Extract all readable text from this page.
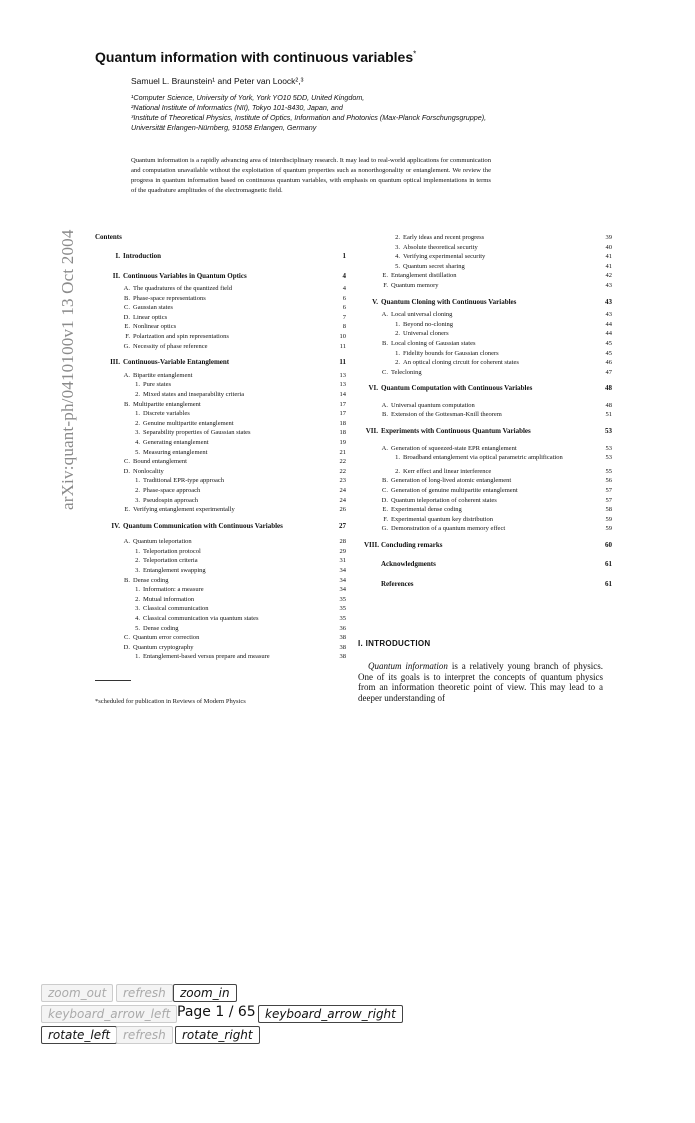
Quantum information with continuous variables*
Samuel L. Braunstein¹ and Peter van Loock²,³
¹Computer Science, University of York, York YO10 5DD, United Kingdom,
²National Institute of Informatics (NII), Tokyo 101-8430, Japan, and
³Institute of Theoretical Physics, Institute of Optics, Information and Photonics (Max-Planck Forschungsgruppe),
Universität Erlangen-Nürnberg, 91058 Erlangen, Germany
Quantum information is a rapidly advancing area of interdisciplinary research. It may lead to real-world applications for communication and computation unavailable without the exploitation of quantum properties such as nonorthogonality or entanglement. We review the progress in quantum information based on continuous quantum variables, with emphasis on quantum optical implementations in terms of the quadrature amplitudes of the electromagnetic field.
arXiv:quant-ph/0410100v1 13 Oct 2004	Contents
I. Introduction	1
II. Continuous Variables in Quantum Optics	4
A. The quadratures of the quantized field	4
B. Phase-space representations	6
C. Gaussian states	6
D. Linear optics	7
E. Nonlinear optics	8
F. Polarization and spin representations	10
G. Necessity of phase reference	11
III. Continuous-Variable Entanglement	11
A. Bipartite entanglement	13
1. Pure states	13
2. Mixed states and inseparability criteria	14
B. Multipartite entanglement	17
1. Discrete variables	17
2. Genuine multipartite entanglement	18
3. Separability properties of Gaussian states	18
4. Generating entanglement	19
5. Measuring entanglement	21
C. Bound entanglement	22
D. Nonlocality	22
1. Traditional EPR-type approach	23
2. Phase-space approach	24
3. Pseudospin approach	24
E. Verifying entanglement experimentally	26
IV. Quantum Communication with Continuous Variables	27
A. Quantum teleportation	28
1. Teleportation protocol	29
2. Teleportation criteria	31
3. Entanglement swapping	34
B. Dense coding	34
1. Information: a measure	34
2. Mutual information	35
3. Classical communication	35
4. Classical communication via quantum states	35
5. Dense coding	36
C. Quantum error correction	38
D. Quantum cryptography	38
1. Entanglement-based versus prepare and measure	38
2. Early ideas and recent progress	39
3. Absolute theoretical security	40
4. Verifying experimental security	41
5. Quantum secret sharing	41
E. Entanglement distillation	42
F. Quantum memory	43
V. Quantum Cloning with Continuous Variables	43
A. Local universal cloning	43
1. Beyond no-cloning	44
2. Universal cloners	44
B. Local cloning of Gaussian states	45
1. Fidelity bounds for Gaussian cloners	45
2. An optical cloning circuit for coherent states	46
C. Telecloning	47
VI. Quantum Computation with Continuous Variables	48
A. Universal quantum computation	48
B. Extension of the Gottesman-Knill theorem	51
VII. Experiments with Continuous Quantum Variables	53
A. Generation of squeezed-state EPR entanglement	53
1. Broadband entanglement via optical parametric amplification	53
2. Kerr effect and linear interference	55
B. Generation of long-lived atomic entanglement	56
C. Generation of genuine multipartite entanglement	57
D. Quantum teleportation of coherent states	57
E. Experimental dense coding	58
F. Experimental quantum key distribution	59
G. Demonstration of a quantum memory effect	59
VIII. Concluding remarks	60
Acknowledgments	61
References	61
I. INTRODUCTION
Quantum information is a relatively young branch of physics. One of its goals is to interpret the concepts of quantum physics from an information theoretic point of view. This may lead to a deeper understanding of
*scheduled for publication in Reviews of Modern Physics
zoom_out	refresh	zoom_in
keyboard_arrow_left Page 1 / 65 keyboard_arrow_right
rotate_left	refresh	rotate_right
